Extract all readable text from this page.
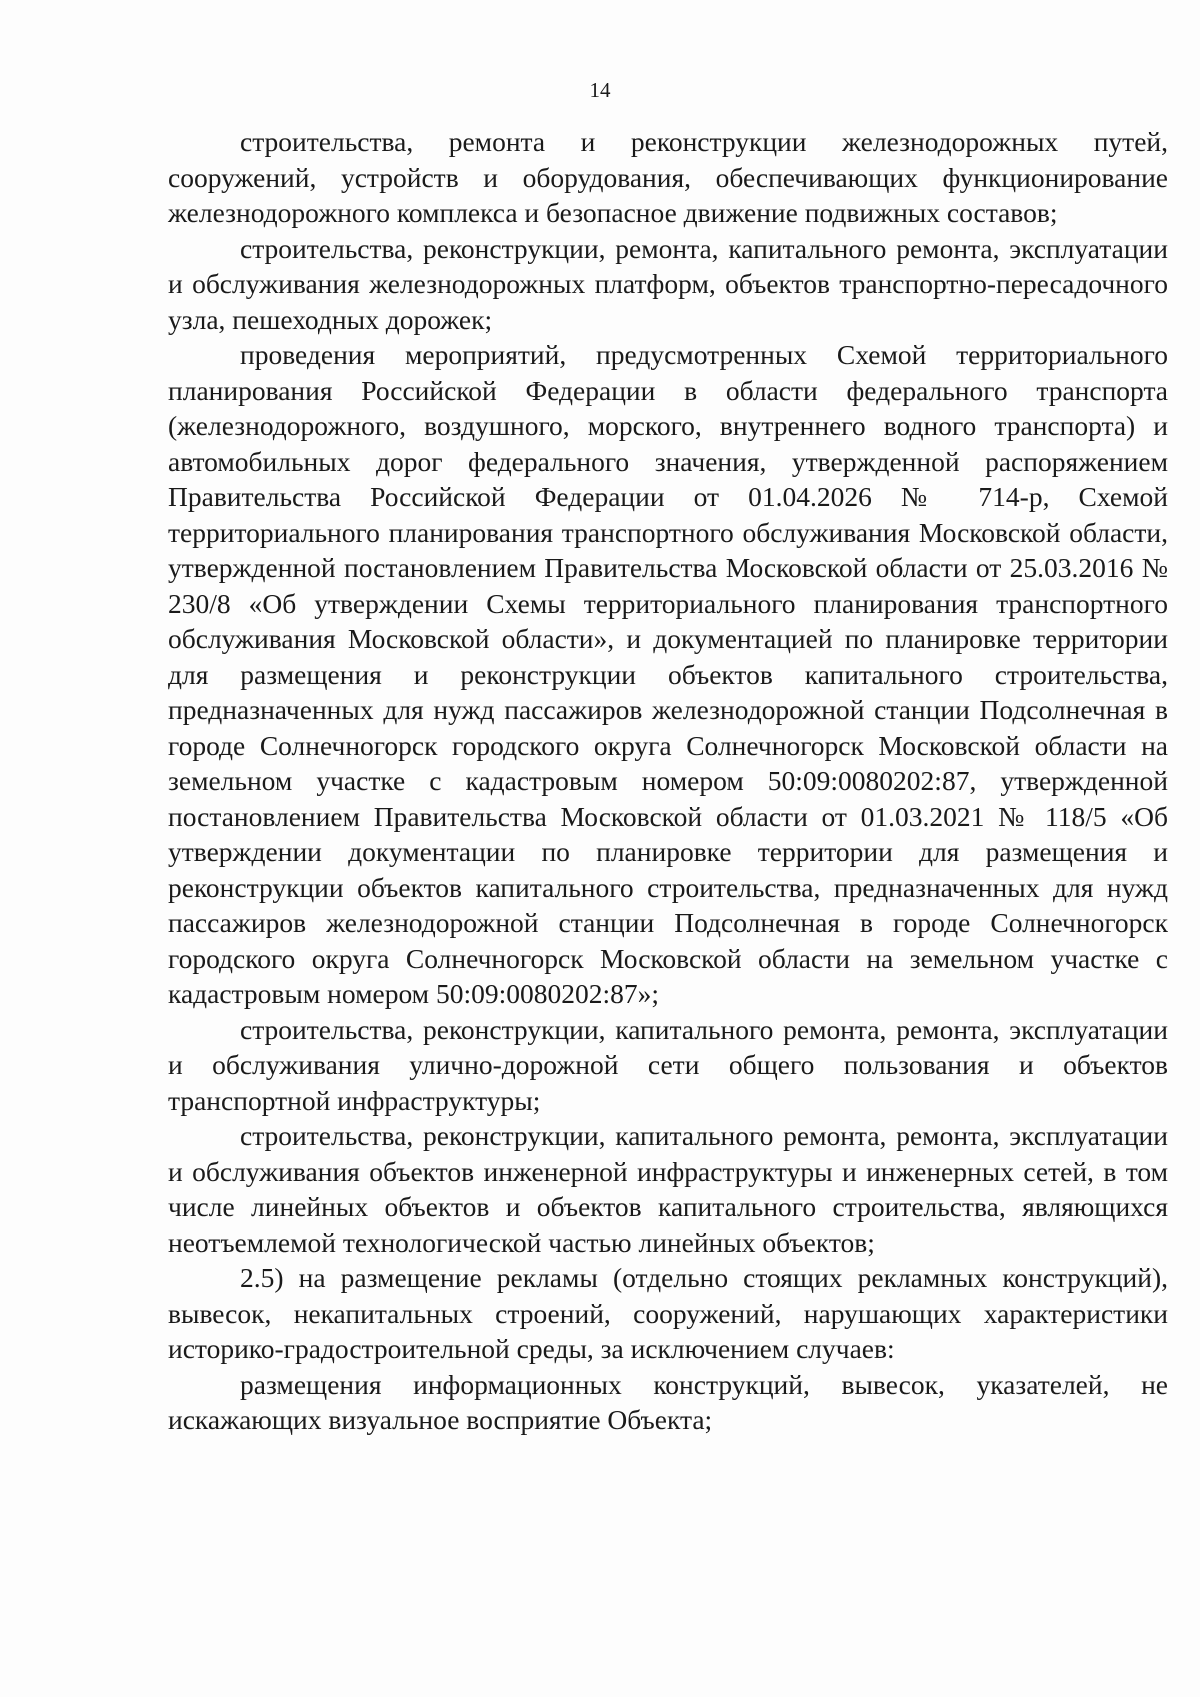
14

строительства, ремонта и реконструкции железнодорожных путей, сооружений, устройств и оборудования, обеспечивающих функционирование железнодорожного комплекса и безопасное движение подвижных составов;

строительства, реконструкции, ремонта, капитального ремонта, эксплуатации и обслуживания железнодорожных платформ, объектов транспортно-пересадочного узла, пешеходных дорожек;

проведения мероприятий, предусмотренных Схемой территориального планирования Российской Федерации в области федерального транспорта (железнодорожного, воздушного, морского, внутреннего водного транспорта) и автомобильных дорог федерального значения, утвержденной распоряжением Правительства Российской Федерации от 01.04.2026 № 714-р, Схемой территориального планирования транспортного обслуживания Московской области, утвержденной постановлением Правительства Московской области от 25.03.2016 № 230/8 «Об утверждении Схемы территориального планирования транспортного обслуживания Московской области», и документацией по планировке территории для размещения и реконструкции объектов капитального строительства, предназначенных для нужд пассажиров железнодорожной станции Подсолнечная в городе Солнечногорск городского округа Солнечногорск Московской области на земельном участке с кадастровым номером 50:09:0080202:87, утвержденной постановлением Правительства Московской области от 01.03.2021 № 118/5 «Об утверждении документации по планировке территории для размещения и реконструкции объектов капитального строительства, предназначенных для нужд пассажиров железнодорожной станции Подсолнечная в городе Солнечногорск городского округа Солнечногорск Московской области на земельном участке с кадастровым номером 50:09:0080202:87»;

строительства, реконструкции, капитального ремонта, ремонта, эксплуатации и обслуживания улично-дорожной сети общего пользования и объектов транспортной инфраструктуры;

строительства, реконструкции, капитального ремонта, ремонта, эксплуатации и обслуживания объектов инженерной инфраструктуры и инженерных сетей, в том числе линейных объектов и объектов капитального строительства, являющихся неотъемлемой технологической частью линейных объектов;

2.5) на размещение рекламы (отдельно стоящих рекламных конструкций), вывесок, некапитальных строений, сооружений, нарушающих характеристики историко-градостроительной среды, за исключением случаев:

размещения информационных конструкций, вывесок, указателей, не искажающих визуальное восприятие Объекта;
